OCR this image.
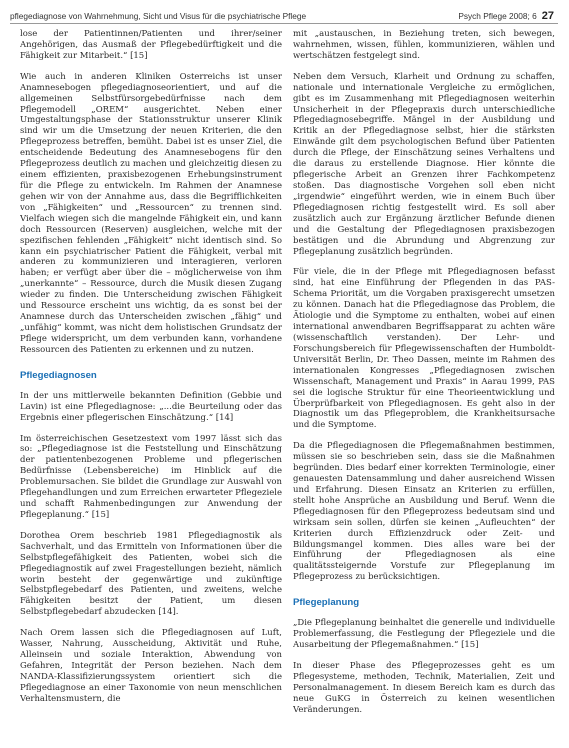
pflegediagnose von Wahrnehmung, Sicht und Visus für die psychiatrische Pflege	Psych Pflege 2008; 6 27
lose der Patientinnen/Patienten und ihrer/seiner Angehörigen, das Ausmaß der Pflegebedürftigkeit und die Fähigkeit zur Mitarbeit.“ [15]
Wie auch in anderen Kliniken Österreichs ist unser Anamnesebogen pflegediagnoseorientiert, und auf die allgemeinen Selbstfürsorgebedürfnisse nach dem Pflegemodell „OREM“ ausgerichtet. Neben einer Umgestaltungsphase der Stationsstruktur unserer Klinik sind wir um die Umsetzung der neuen Kriterien, die den Pflegeprozess betreffen, bemüht. Dabei ist es unser Ziel, die entscheidende Bedeutung des Anamnesebogens für den Pflegeprozess deutlich zu machen und gleichzeitig diesen zu einem effizienten, praxisbezogenen Erhebungsinstrument für die Pflege zu entwickeln. Im Rahmen der Anamnese gehen wir von der Annahme aus, dass die Begrifflichkeiten von „Fähigkeiten“ und „Ressourcen“ zu trennen sind. Vielfach wiegen sich die mangelnde Fähigkeit ein, und kann doch Ressourcen (Reserven) ausgleichen, welche mit der spezifischen fehlenden „Fähigkeit“ nicht identisch sind. So kann ein psychiatrischer Patient die Fähigkeit, verbal mit anderen zu kommunizieren und interagieren, verloren haben; er verfügt aber über die – möglicherweise von ihm „unerkannte“ – Ressource, durch die Musik diesen Zugang wieder zu finden. Die Unterscheidung zwischen Fähigkeit und Ressource erscheint uns wichtig, da es sonst bei der Anamnese durch das Unterscheiden zwischen „fähig“ und „unfähig“ kommt, was nicht dem holistischen Grundsatz der Pflege widerspricht, um dem verbunden kann, vorhandene Ressourcen des Patienten zu erkennen und zu nutzen.
Pflegediagnosen
In der uns mittlerweile bekannten Definition (Gebbie und Lavin) ist eine Pflegediagnose: „...die Beurteilung oder das Ergebnis einer pflegerischen Einschätzung.“ [14]
Im österreichischen Gesetzestext vom 1997 lässt sich das so: „Pflegediagnose ist die Feststellung und Einschätzung der patientenbezogenen Probleme und pflegerischen Bedürfnisse (Lebensbereiche) im Hinblick auf die Problemursachen. Sie bildet die Grundlage zur Auswahl von Pflegehandlungen und zum Erreichen erwarteter Pflegeziele und schafft Rahmenbedingungen zur Anwendung der Pflegeplanung.“ [15]
Dorothea Orem beschrieb 1981 Pflegediagnostik als Sachverhalt, und das Ermitteln von Informationen über die Selbstpflegefähigkeit des Patienten, wobei sich die Pflegediagnostik auf zwei Fragestellungen bezieht, nämlich worin besteht der gegenwärtige und zukünftige Selbstpflegebedarf des Patienten, und zweitens, welche Fähigkeiten besitzt der Patient, um diesen Selbstpflegebedarf abzudecken [14].
Nach Orem lassen sich die Pflegediagnosen auf Luft, Wasser, Nahrung, Ausscheidung, Aktivität und Ruhe, Alleinsein und soziale Interaktion, Abwendung von Gefahren, Integrität der Person beziehen. Nach dem NANDA-Klassifizierungssystem orientiert sich die Pflegediagnose an einer Taxonomie von neun menschlichen Verhaltensmustern, die
mit „austauschen, in Beziehung treten, sich bewegen, wahrnehmen, wissen, fühlen, kommunizieren, wählen und wertschätzen festgelegt sind.
Neben dem Versuch, Klarheit und Ordnung zu schaffen, nationale und internationale Vergleiche zu ermöglichen, gibt es im Zusammenhang mit Pflegediagnosen weiterhin Unsicherheit in der Pflegepraxis durch unterschiedliche Pflegediagnosebegriffe. Mängel in der Ausbildung und Kritik an der Pflegediagnose selbst, hier die stärksten Einwände gilt dem psychologischen Befund über Patienten durch die Pflege, der Einschätzung seines Verhaltens und die daraus zu erstellende Diagnose. Hier könnte die pflegerische Arbeit an Grenzen ihrer Fachkompetenz stoßen. Das diagnostische Vorgehen soll eben nicht „irgendwie“ eingeführt werden, wie in einem Buch über Pflegediagnosen richtig festgestellt wird. Es soll aber zusätzlich auch zur Ergänzung ärztlicher Befunde dienen und die Gestaltung der Pflegediagnosen praxisbezogen bestätigen und die Abrundung und Abgrenzung zur Pflegeplanung zusätzlich begründen.
Für viele, die in der Pflege mit Pflegediagnosen befasst sind, hat eine Einführung der Pflegenden in das PAS-Schema Priorität, um die Vorgaben praxisgerecht umsetzen zu können. Danach hat die Pflegediagnose das Problem, die Ätiologie und die Symptome zu enthalten, wobei auf einen international anwendbaren Begriffsapparat zu achten wäre (wissenschaftlich verstanden). Der Lehr- und Forschungsbereich für Pflegewissenschaften der Humboldt-Universität Berlin, Dr. Theo Dassen, meinte im Rahmen des internationalen Kongresses „Pflegediagnosen zwischen Wissenschaft, Management und Praxis“ in Aarau 1999, PAS sei die logische Struktur für eine Theorieentwicklung und Überprüfbarkeit von Pflegediagnosen. Es geht also in der Diagnostik um das Pflegeproblem, die Krankheitsursache und die Symptome.
Da die Pflegediagnosen die Pflegemaßnahmen bestimmen, müssen sie so beschrieben sein, dass sie die Maßnahmen begründen. Dies bedarf einer korrekten Terminologie, einer genauesten Datensammlung und daher ausreichend Wissen und Erfahrung. Diesen Einsatz an Kriterien zu erfüllen, stellt hohe Ansprüche an Ausbildung und Beruf. Wenn die Pflegediagnosen für den Pflegeprozess bedeutsam sind und wirksam sein sollen, dürfen sie keinen „Aufleuchten“ der Kriterien durch Effizienzdruck oder Zeit- und Bildungsmangel kommen. Dies alles ware bei der Einführung der Pflegediagnosen als eine qualitätssteigernde Vorstufe zur Pflegeplanung im Pflegeprozess zu berücksichtigen.
Pflegeplanung
„Die Pflegeplanung beinhaltet die generelle und individuelle Problemerfassung, die Festlegung der Pflegeziele und die Ausarbeitung der Pflegemaßnahmen.“ [15]
In dieser Phase des Pflegeprozesses geht es um Pflegesysteme, methoden, Technik, Materialien, Zeit und Personalmanagement. In diesem Bereich kam es durch das neue GuKG in Österreich zu keinen wesentlichen Veränderungen.
